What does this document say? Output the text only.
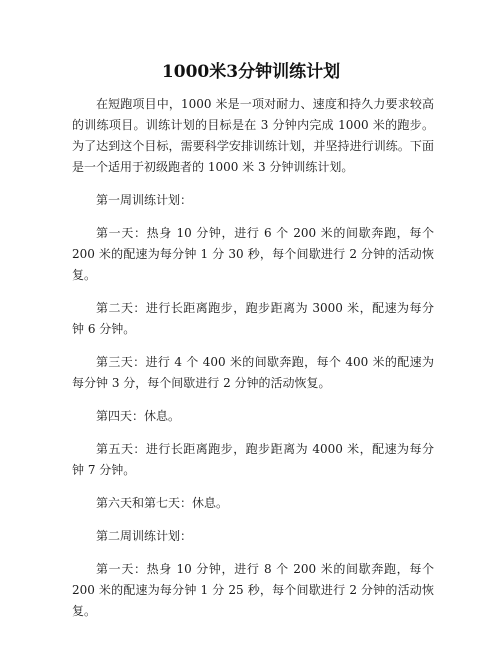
1000米3分钟训练计划

在短跑项目中，1000 米是一项对耐力、速度和持久力要求较高的训练项目。训练计划的目标是在 3 分钟内完成 1000 米的跑步。为了达到这个目标，需要科学安排训练计划，并坚持进行训练。下面是一个适用于初级跑者的 1000 米 3 分钟训练计划。

第一周训练计划：

第一天：热身 10 分钟，进行 6 个 200 米的间歇奔跑，每个 200 米的配速为每分钟 1 分 30 秒，每个间歇进行 2 分钟的活动恢复。

第二天：进行长距离跑步，跑步距离为 3000 米，配速为每分钟 6 分钟。

第三天：进行 4 个 400 米的间歇奔跑，每个 400 米的配速为每分钟 3 分，每个间歇进行 2 分钟的活动恢复。

第四天：休息。

第五天：进行长距离跑步，跑步距离为 4000 米，配速为每分钟 7 分钟。

第六天和第七天：休息。

第二周训练计划：

第一天：热身 10 分钟，进行 8 个 200 米的间歇奔跑，每个 200 米的配速为每分钟 1 分 25 秒，每个间歇进行 2 分钟的活动恢复。
